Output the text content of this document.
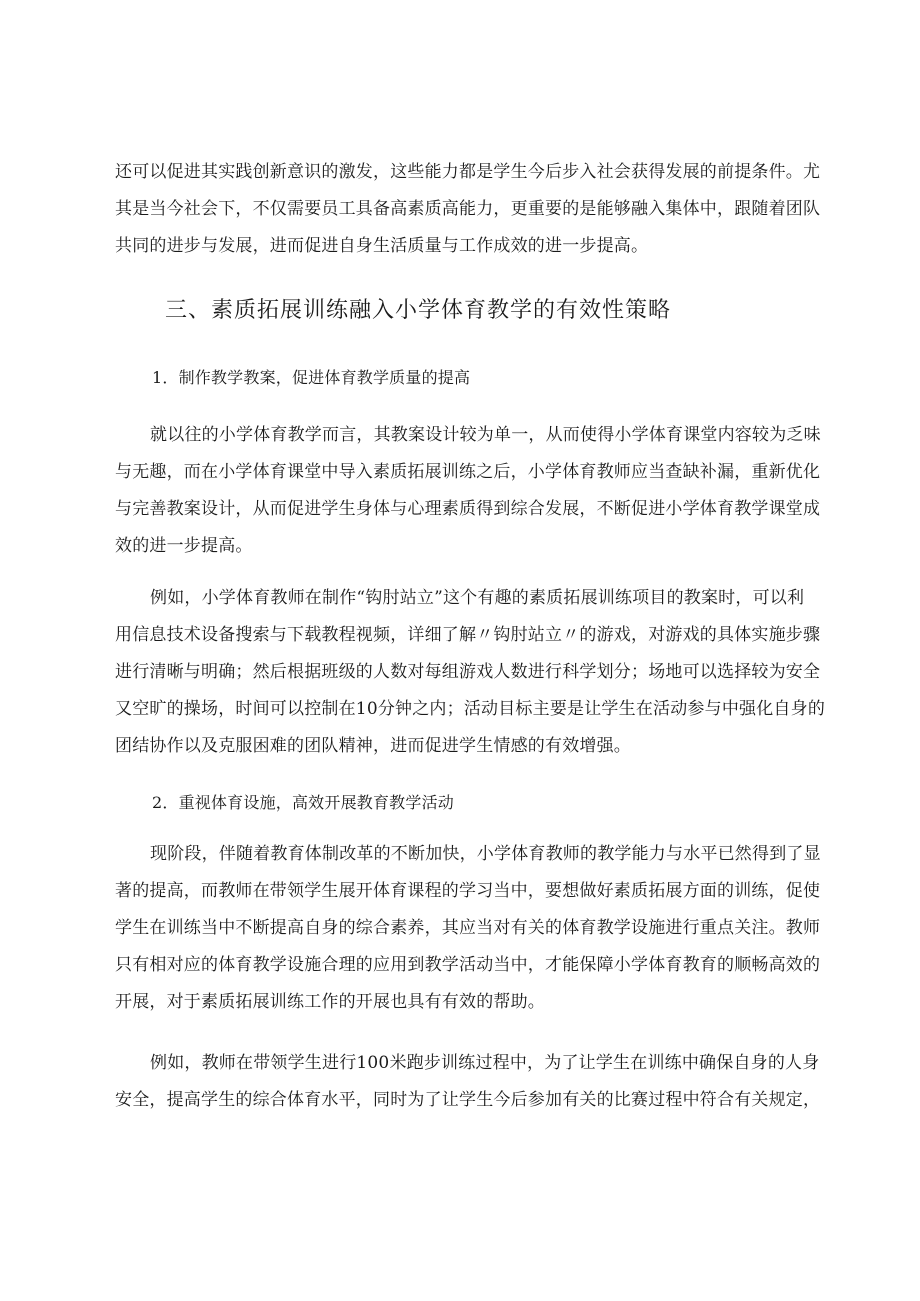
还可以促进其实践创新意识的激发，这些能力都是学生今后步入社会获得发展的前提条件。尤

其是当今社会下，不仅需要员工具备高素质高能力，更重要的是能够融入集体中，跟随着团队

共同的进步与发展，进而促进自身生活质量与工作成效的进一步提高。

三、素质拓展训练融入小学体育教学的有效性策略

1．制作教学教案，促进体育教学质量的提高

就以往的小学体育教学而言，其教案设计较为单一，从而使得小学体育课堂内容较为乏味

与无趣，而在小学体育课堂中导入素质拓展训练之后，小学体育教师应当查缺补漏，重新优化

与完善教案设计，从而促进学生身体与心理素质得到综合发展，不断促进小学体育教学课堂成

效的进一步提高。

例如，小学体育教师在制作“钩肘站立”这个有趣的素质拓展训练项目的教案时，可以利

用信息技术设备搜索与下载教程视频，详细了解〃钩肘站立〃的游戏，对游戏的具体实施步骤

进行清晰与明确；然后根据班级的人数对每组游戏人数进行科学划分；场地可以选择较为安全

又空旷的操场，时间可以控制在10分钟之内；活动目标主要是让学生在活动参与中强化自身的

团结协作以及克服困难的团队精神，进而促进学生情感的有效增强。

2．重视体育设施，高效开展教育教学活动

现阶段，伴随着教育体制改革的不断加快，小学体育教师的教学能力与水平已然得到了显

著的提高，而教师在带领学生展开体育课程的学习当中，要想做好素质拓展方面的训练，促使

学生在训练当中不断提高自身的综合素养，其应当对有关的体育教学设施进行重点关注。教师

只有相对应的体育教学设施合理的应用到教学活动当中，才能保障小学体育教育的顺畅高效的

开展，对于素质拓展训练工作的开展也具有有效的帮助。

例如，教师在带领学生进行100米跑步训练过程中，为了让学生在训练中确保自身的人身

安全，提高学生的综合体育水平，同时为了让学生今后参加有关的比赛过程中符合有关规定，
